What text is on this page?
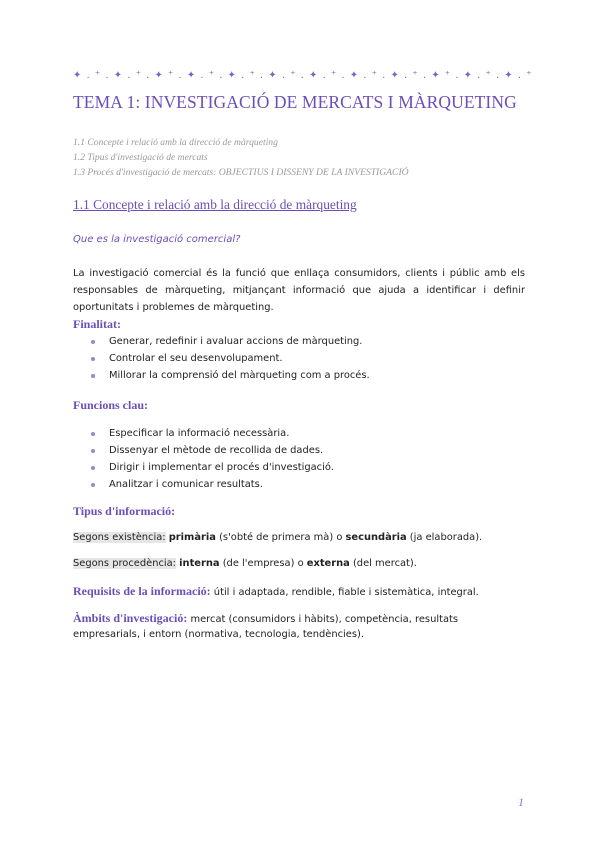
✦ . ⁺ . ✦ . ⁺ . ✦ ⁺ . ✦ . ⁺ . ✦ . ⁺ . ✦ . ⁺ . ✦ . ⁺ . ✦ . ⁺ . ✦ . ⁺ . ✦ ⁺ . ✦ . ⁺ . ✦ . ⁺
TEMA 1: INVESTIGACIÓ DE MERCATS I MÀRQUETING
1.1 Concepte i relació amb la direcció de màrqueting
1.2 Tipus d'investigació de mercats
1.3 Procés d'investigació de mercats: OBJECTIUS I DISSENY DE LA INVESTIGACIÓ
1.1 Concepte i relació amb la direcció de màrqueting
Que es la investigació comercial?

La investigació comercial és la funció que enllaça consumidors, clients i públic amb els responsables de màrqueting, mitjançant informació que ajuda a identificar i definir oportunitats i problemes de màrqueting.

Finalitat:
Generar, redefinir i avaluar accions de màrqueting.
Controlar el seu desenvolupament.
Millorar la comprensió del màrqueting com a procés.
Funcions clau:
Especificar la informació necessària.
Dissenyar el mètode de recollida de dades.
Dirigir i implementar el procés d'investigació.
Analitzar i comunicar resultats.
Tipus d'informació:
Segons existència: primària (s'obté de primera mà) o secundària (ja elaborada).
Segons procedència: interna (de l'empresa) o externa (del mercat).
Requisits de la informació: útil i adaptada, rendible, fiable i sistemàtica, integral.

Àmbits d'investigació: mercat (consumidors i hàbits), competència, resultats empresarials, i entorn (normativa, tecnologia, tendències).

1
